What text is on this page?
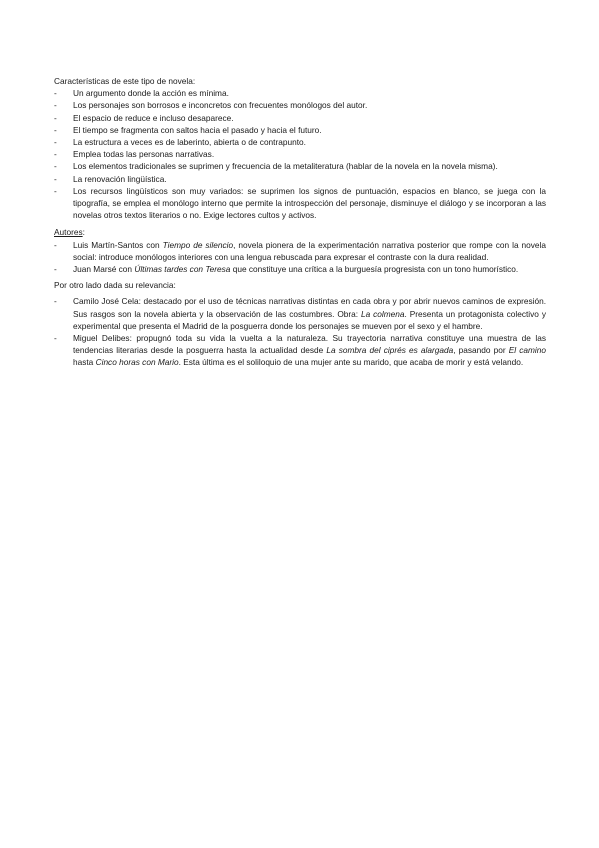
Características de este tipo de novela:

- Un argumento donde la acción es mínima.
- Los personajes son borrosos e inconcretos con frecuentes monólogos del autor.
- El espacio de reduce e incluso desaparece.
- El tiempo se fragmenta con saltos hacia el pasado y hacia el futuro.
- La estructura a veces es de laberinto, abierta o de contrapunto.
- Emplea todas las personas narrativas.
- Los elementos tradicionales se suprimen y frecuencia de la metaliteratura (hablar de la novela en la novela misma).
- La renovación lingüística.
- Los recursos lingüísticos son muy variados: se suprimen los signos de puntuación, espacios en blanco, se juega con la tipografía, se emplea el monólogo interno que permite la introspección del personaje, disminuye el diálogo y se incorporan a las novelas otros textos literarios o no. Exige lectores cultos y activos.

Autores:

- Luis Martín-Santos con Tiempo de silencio, novela pionera de la experimentación narrativa posterior que rompe con la novela social: introduce monólogos interiores con una lengua rebuscada para expresar el contraste con la dura realidad.
- Juan Marsé con Últimas tardes con Teresa que constituye una crítica a la burguesía progresista con un tono humorístico.

Por otro lado dada su relevancia:

- Camilo José Cela: destacado por el uso de técnicas narrativas distintas en cada obra y por abrir nuevos caminos de expresión. Sus rasgos son la novela abierta y la observación de las costumbres. Obra: La colmena. Presenta un protagonista colectivo y experimental que presenta el Madrid de la posguerra donde los personajes se mueven por el sexo y el hambre.
- Miguel Delibes: propugnó toda su vida la vuelta a la naturaleza. Su trayectoria narrativa constituye una muestra de las tendencias literarias desde la posguerra hasta la actualidad desde La sombra del ciprés es alargada, pasando por El camino hasta Cinco horas con Mario. Esta última es el soliloquio de una mujer ante su marido, que acaba de morir y está velando.
